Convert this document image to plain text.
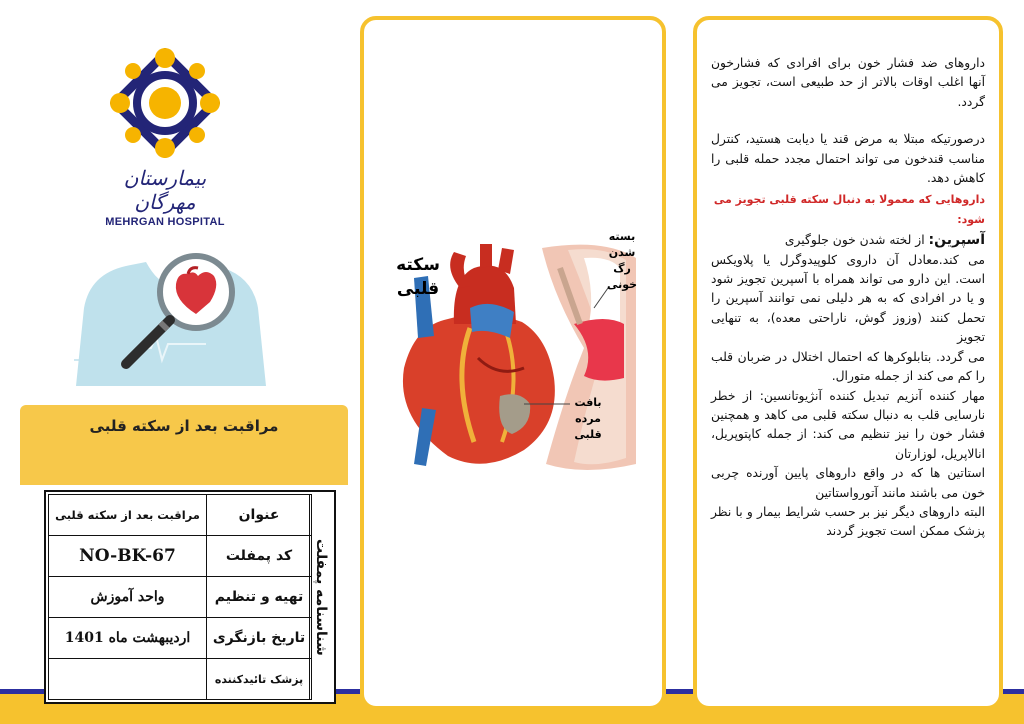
بیمارستان مهرگان
MEHRGAN HOSPITAL
مراقبت بعد از سکته قلبی
عنوان	مراقبت بعد از سکته قلبی
کد پمفلت	NO-BK-67
تهیه و تنظیم	واحد آموزش
تاریخ بازنگری	اردیبهشت ماه 1401
پزشک تائیدکننده	
شناسنامه پمفلت
سکته
قلبی
بسته
شدن
رگ
خونی
بافت
مرده
قلبی

داروهای ضد فشار خون برای افرادی که فشارخون آنها اغلب اوقات بالاتر از حد طبیعی است، تجویز می گردد.

درصورتیکه مبتلا به مرض قند یا دیابت هستید، کنترل مناسب قندخون می تواند احتمال مجدد حمله قلبی را کاهش دهد.

داروهایی که معمولا به دنبال سکته قلبی تجویز می شود:

آسپرین: از لخته شدن خون جلوگیری

می کند.معادل آن داروی کلوپیدوگرل یا پلاویکس است. این دارو می تواند همراه با آسپرین تجویز شود و یا در افرادی که به هر دلیلی نمی توانند آسپرین را تحمل کنند (وزوز گوش، ناراحتی معده)، به تنهایی تجویز

می گردد. بتابلوکرها که احتمال اختلال در ضربان قلب را کم می کند از جمله متورال.

مهار کننده آنزیم تبدیل کننده آنژیوتانسین: از خطر نارسایی قلب به دنبال سکته قلبی می کاهد و همچنین فشار خون را نیز تنظیم می کند: از جمله کاپتوپریل، انالاپریل، لوزارتان

استاتین ها که در واقع داروهای پایین آورنده چربی خون می باشند مانند آتورواستاتین

البته داروهای دیگر نیز بر حسب شرایط بیمار و با نظر پزشک ممکن است تجویز گردند
